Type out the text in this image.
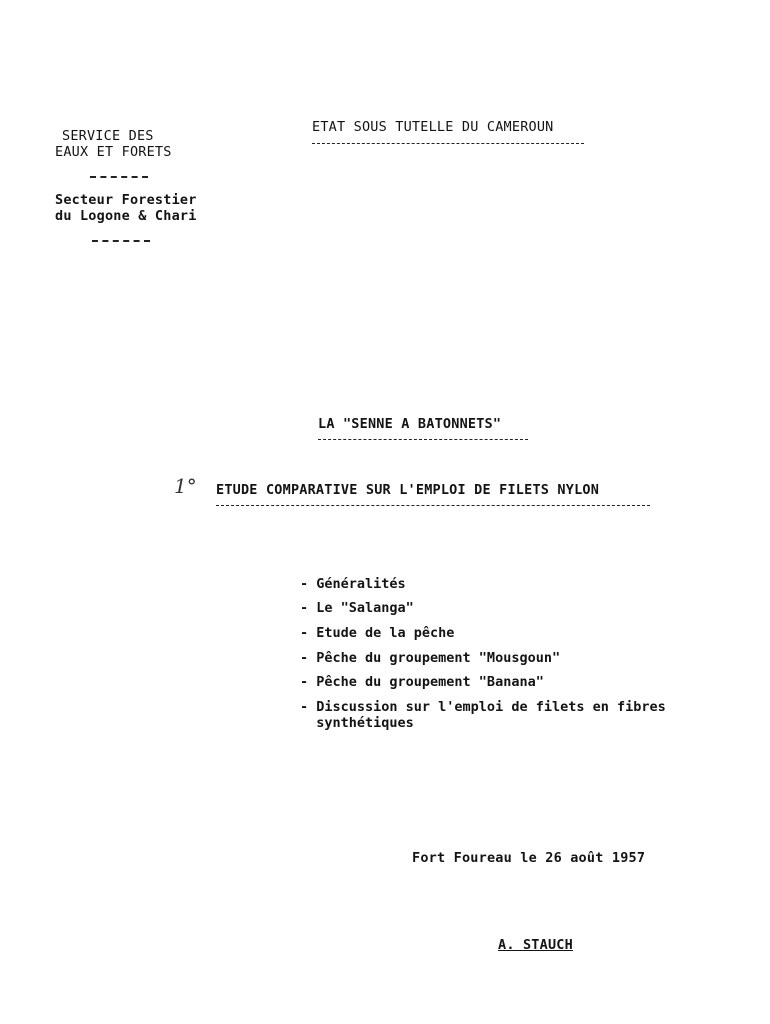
SERVICE DES
EAUX ET FORETS
Secteur Forestier
du Logone & Chari
ETAT SOUS TUTELLE DU CAMEROUN
LA "SENNE A BATONNETS"
1° ETUDE COMPARATIVE SUR L'EMPLOI DE FILETS NYLON
- Généralités
- Le "Salanga"
- Etude de la pêche
- Pêche du groupement "Mousgoun"
- Pêche du groupement "Banana"
- Discussion sur l'emploi de filets en fibres
synthétiques
Fort Foureau le 26 août 1957
A. STAUCH
